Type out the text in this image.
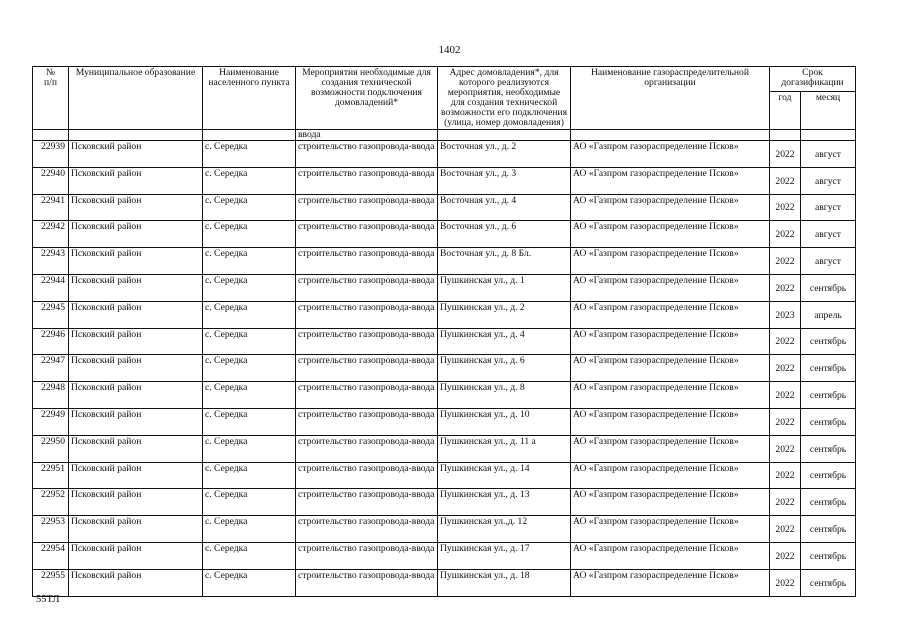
1402
№
п/п	Муниципальное образование	Наименование населенного пункта	Мероприятия необходимые для создания технической возможности подключения домовладений*	Адрес домовладения*, для которого реализуются мероприятия, необходимые для создания технической возможности его подключения (улица, номер домовладения)	Наименование газораспределительной организации	Срок догазификации	
						год	месяц
			ввода				
22939	Псковский район	с. Середка	строительство газопровода-ввода	Восточная ул., д. 2	АО «Газпром газораспределение Псков»	2022	август
22940	Псковский район	с. Середка	строительство газопровода-ввода	Восточная ул., д. 3	АО «Газпром газораспределение Псков»	2022	август
22941	Псковский район	с. Середка	строительство газопровода-ввода	Восточная ул., д. 4	АО «Газпром газораспределение Псков»	2022	август
22942	Псковский район	с. Середка	строительство газопровода-ввода	Восточная ул., д. 6	АО «Газпром газораспределение Псков»	2022	август
22943	Псковский район	с. Середка	строительство газопровода-ввода	Восточная ул., д. 8 Бл.	АО «Газпром газораспределение Псков»	2022	август
22944	Псковский район	с. Середка	строительство газопровода-ввода	Пушкинская ул., д. 1	АО «Газпром газораспределение Псков»	2022	сентябрь
22945	Псковский район	с. Середка	строительство газопровода-ввода	Пушкинская ул., д. 2	АО «Газпром газораспределение Псков»	2023	апрель
22946	Псковский район	с. Середка	строительство газопровода-ввода	Пушкинская ул., д. 4	АО «Газпром газораспределение Псков»	2022	сентябрь
22947	Псковский район	с. Середка	строительство газопровода-ввода	Пушкинская ул., д. 6	АО «Газпром газораспределение Псков»	2022	сентябрь
22948	Псковский район	с. Середка	строительство газопровода-ввода	Пушкинская ул., д. 8	АО «Газпром газораспределение Псков»	2022	сентябрь
22949	Псковский район	с. Середка	строительство газопровода-ввода	Пушкинская ул., д. 10	АО «Газпром газораспределение Псков»	2022	сентябрь
22950	Псковский район	с. Середка	строительство газопровода-ввода	Пушкинская ул., д. 11 а	АО «Газпром газораспределение Псков»	2022	сентябрь
22951	Псковский район	с. Середка	строительство газопровода-ввода	Пушкинская ул., д. 14	АО «Газпром газораспределение Псков»	2022	сентябрь
22952	Псковский район	с. Середка	строительство газопровода-ввода	Пушкинская ул., д. 13	АО «Газпром газораспределение Псков»	2022	сентябрь
22953	Псковский район	с. Середка	строительство газопровода-ввода	Пушкинская ул.,д. 12	АО «Газпром газораспределение Псков»	2022	сентябрь
22954	Псковский район	с. Середка	строительство газопровода-ввода	Пушкинская ул., д. 17	АО «Газпром газораспределение Псков»	2022	сентябрь
22955	Псковский район	с. Середка	строительство газопровода-ввода	Пушкинская ул., д. 18	АО «Газпром газораспределение Псков»	2022	сентябрь
55ТЛ
